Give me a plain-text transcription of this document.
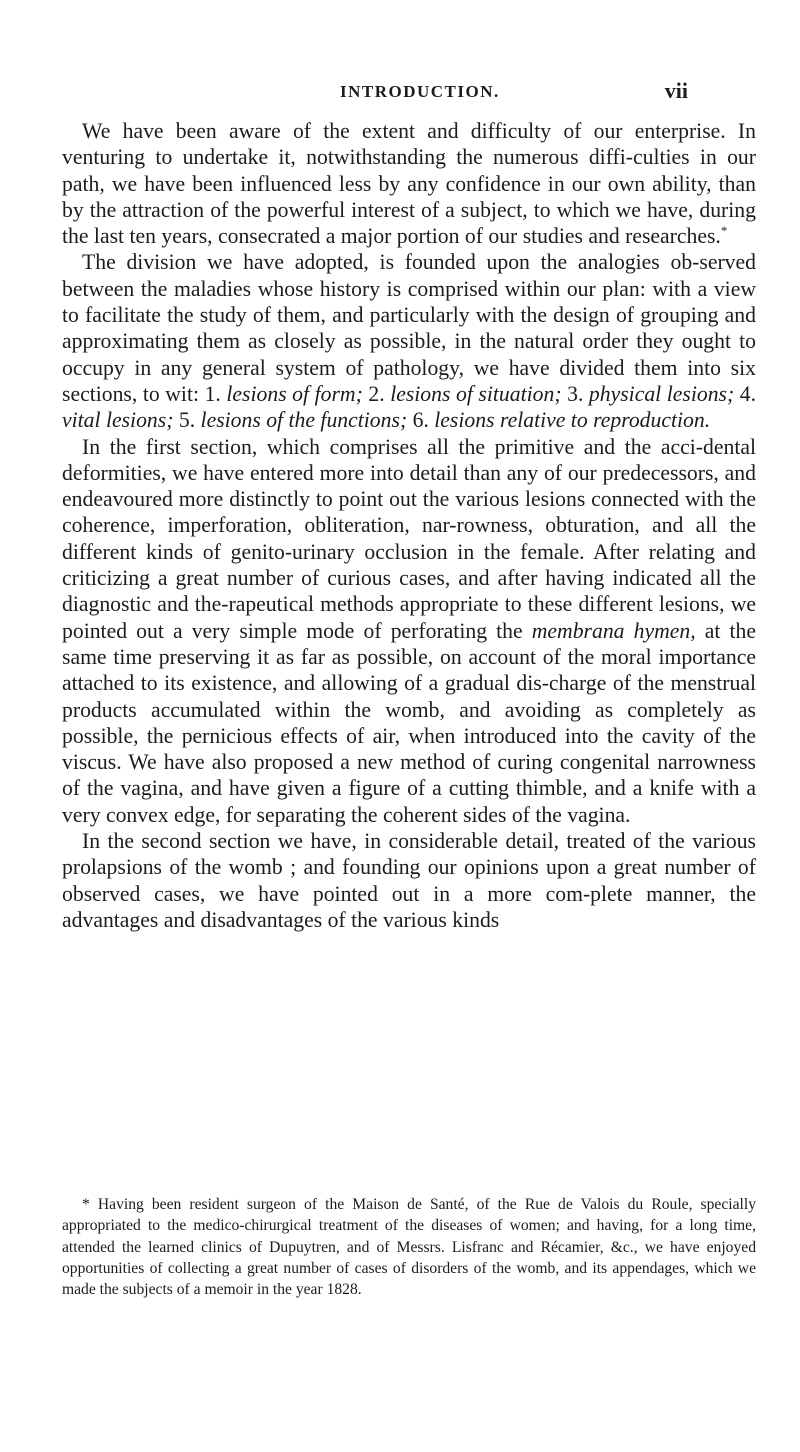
INTRODUCTION.	vii

We have been aware of the extent and difficulty of our enterprise. In venturing to undertake it, notwithstanding the numerous diffi-culties in our path, we have been influenced less by any confidence in our own ability, than by the attraction of the powerful interest of a subject, to which we have, during the last ten years, consecrated a major portion of our studies and researches.*

The division we have adopted, is founded upon the analogies ob-served between the maladies whose history is comprised within our plan: with a view to facilitate the study of them, and particularly with the design of grouping and approximating them as closely as possible, in the natural order they ought to occupy in any general system of pathology, we have divided them into six sections, to wit: 1. lesions of form; 2. lesions of situation; 3. physical lesions; 4. vital lesions; 5. lesions of the functions; 6. lesions relative to reproduction.

In the first section, which comprises all the primitive and the acci-dental deformities, we have entered more into detail than any of our predecessors, and endeavoured more distinctly to point out the various lesions connected with the coherence, imperforation, obliteration, nar-rowness, obturation, and all the different kinds of genito-urinary occlusion in the female. After relating and criticizing a great number of curious cases, and after having indicated all the diagnostic and the-rapeutical methods appropriate to these different lesions, we pointed out a very simple mode of perforating the membrana hymen, at the same time preserving it as far as possible, on account of the moral importance attached to its existence, and allowing of a gradual dis-charge of the menstrual products accumulated within the womb, and avoiding as completely as possible, the pernicious effects of air, when introduced into the cavity of the viscus. We have also proposed a new method of curing congenital narrowness of the vagina, and have given a figure of a cutting thimble, and a knife with a very convex edge, for separating the coherent sides of the vagina.

In the second section we have, in considerable detail, treated of the various prolapsions of the womb ; and founding our opinions upon a great number of observed cases, we have pointed out in a more com-plete manner, the advantages and disadvantages of the various kinds

* Having been resident surgeon of the Maison de Santé, of the Rue de Valois du Roule, specially appropriated to the medico-chirurgical treatment of the diseases of women; and having, for a long time, attended the learned clinics of Dupuytren, and of Messrs. Lisfranc and Récamier, &c., we have enjoyed opportunities of collecting a great number of cases of disorders of the womb, and its appendages, which we made the subjects of a memoir in the year 1828.
